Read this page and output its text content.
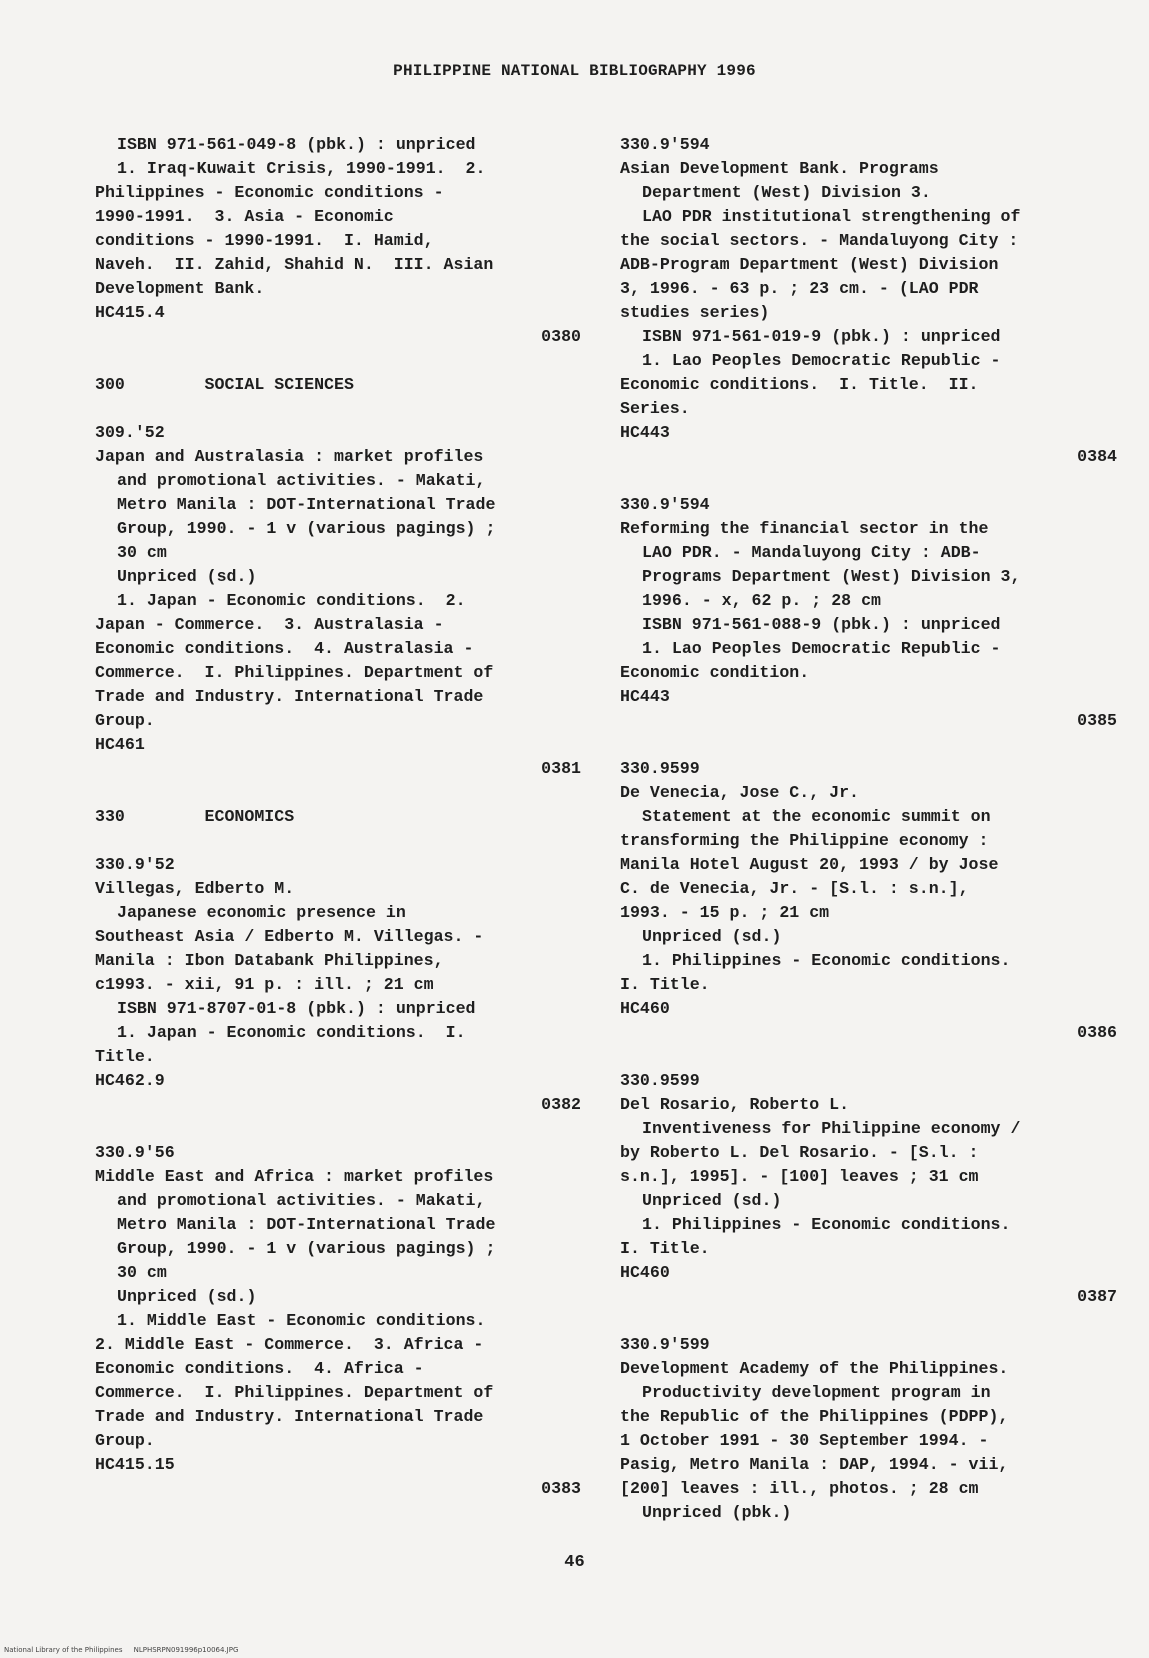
PHILIPPINE NATIONAL BIBLIOGRAPHY 1996
ISBN 971-561-049-8 (pbk.) : unpriced
1. Iraq-Kuwait Crisis, 1990-1991.  2.
Philippines - Economic conditions -
1990-1991.  3. Asia - Economic
conditions - 1990-1991.  I. Hamid,
Naveh.  II. Zahid, Shahid N.  III. Asian
Development Bank.
HC415.4
0380
300	SOCIAL SCIENCES
309.'52
Japan and Australasia : market profiles
and promotional activities. - Makati,
Metro Manila : DOT-International Trade
Group, 1990. - 1 v (various pagings) ;
30 cm
Unpriced (sd.)
1. Japan - Economic conditions.  2.
Japan - Commerce.  3. Australasia -
Economic conditions.  4. Australasia -
Commerce.  I. Philippines. Department of
Trade and Industry. International Trade
Group.
HC461
0381
330	ECONOMICS
330.9'52
Villegas, Edberto M.
Japanese economic presence in
Southeast Asia / Edberto M. Villegas. -
Manila : Ibon Databank Philippines,
c1993. - xii, 91 p. : ill. ; 21 cm
ISBN 971-8707-01-8 (pbk.) : unpriced
1. Japan - Economic conditions.  I.
Title.
HC462.9
0382
330.9'56
Middle East and Africa : market profiles
and promotional activities. - Makati,
Metro Manila : DOT-International Trade
Group, 1990. - 1 v (various pagings) ;
30 cm
Unpriced (sd.)
1. Middle East - Economic conditions.
2. Middle East - Commerce.  3. Africa -
Economic conditions.  4. Africa -
Commerce.  I. Philippines. Department of
Trade and Industry. International Trade
Group.
HC415.15
0383
330.9'594
Asian Development Bank. Programs
Department (West) Division 3.
LAO PDR institutional strengthening of
the social sectors. - Mandaluyong City :
ADB-Program Department (West) Division
3, 1996. - 63 p. ; 23 cm. - (LAO PDR
studies series)
ISBN 971-561-019-9 (pbk.) : unpriced
1. Lao Peoples Democratic Republic -
Economic conditions.  I. Title.  II.
Series.
HC443
0384
330.9'594
Reforming the financial sector in the
LAO PDR. - Mandaluyong City : ADB-
Programs Department (West) Division 3,
1996. - x, 62 p. ; 28 cm
ISBN 971-561-088-9 (pbk.) : unpriced
1. Lao Peoples Democratic Republic -
Economic condition.
HC443
0385
330.9599
De Venecia, Jose C., Jr.
Statement at the economic summit on
transforming the Philippine economy :
Manila Hotel August 20, 1993 / by Jose
C. de Venecia, Jr. - [S.l. : s.n.],
1993. - 15 p. ; 21 cm
Unpriced (sd.)
1. Philippines - Economic conditions.
I. Title.
HC460
0386
330.9599
Del Rosario, Roberto L.
Inventiveness for Philippine economy /
by Roberto L. Del Rosario. - [S.l. :
s.n.], 1995]. - [100] leaves ; 31 cm
Unpriced (sd.)
1. Philippines - Economic conditions.
I. Title.
HC460
0387
330.9'599
Development Academy of the Philippines.
Productivity development program in
the Republic of the Philippines (PDPP),
1 October 1991 - 30 September 1994. -
Pasig, Metro Manila : DAP, 1994. - vii,
[200] leaves : ill., photos. ; 28 cm
Unpriced (pbk.)
46
National Library of the Philippines     NLPHSRPN091996p10064.JPG
